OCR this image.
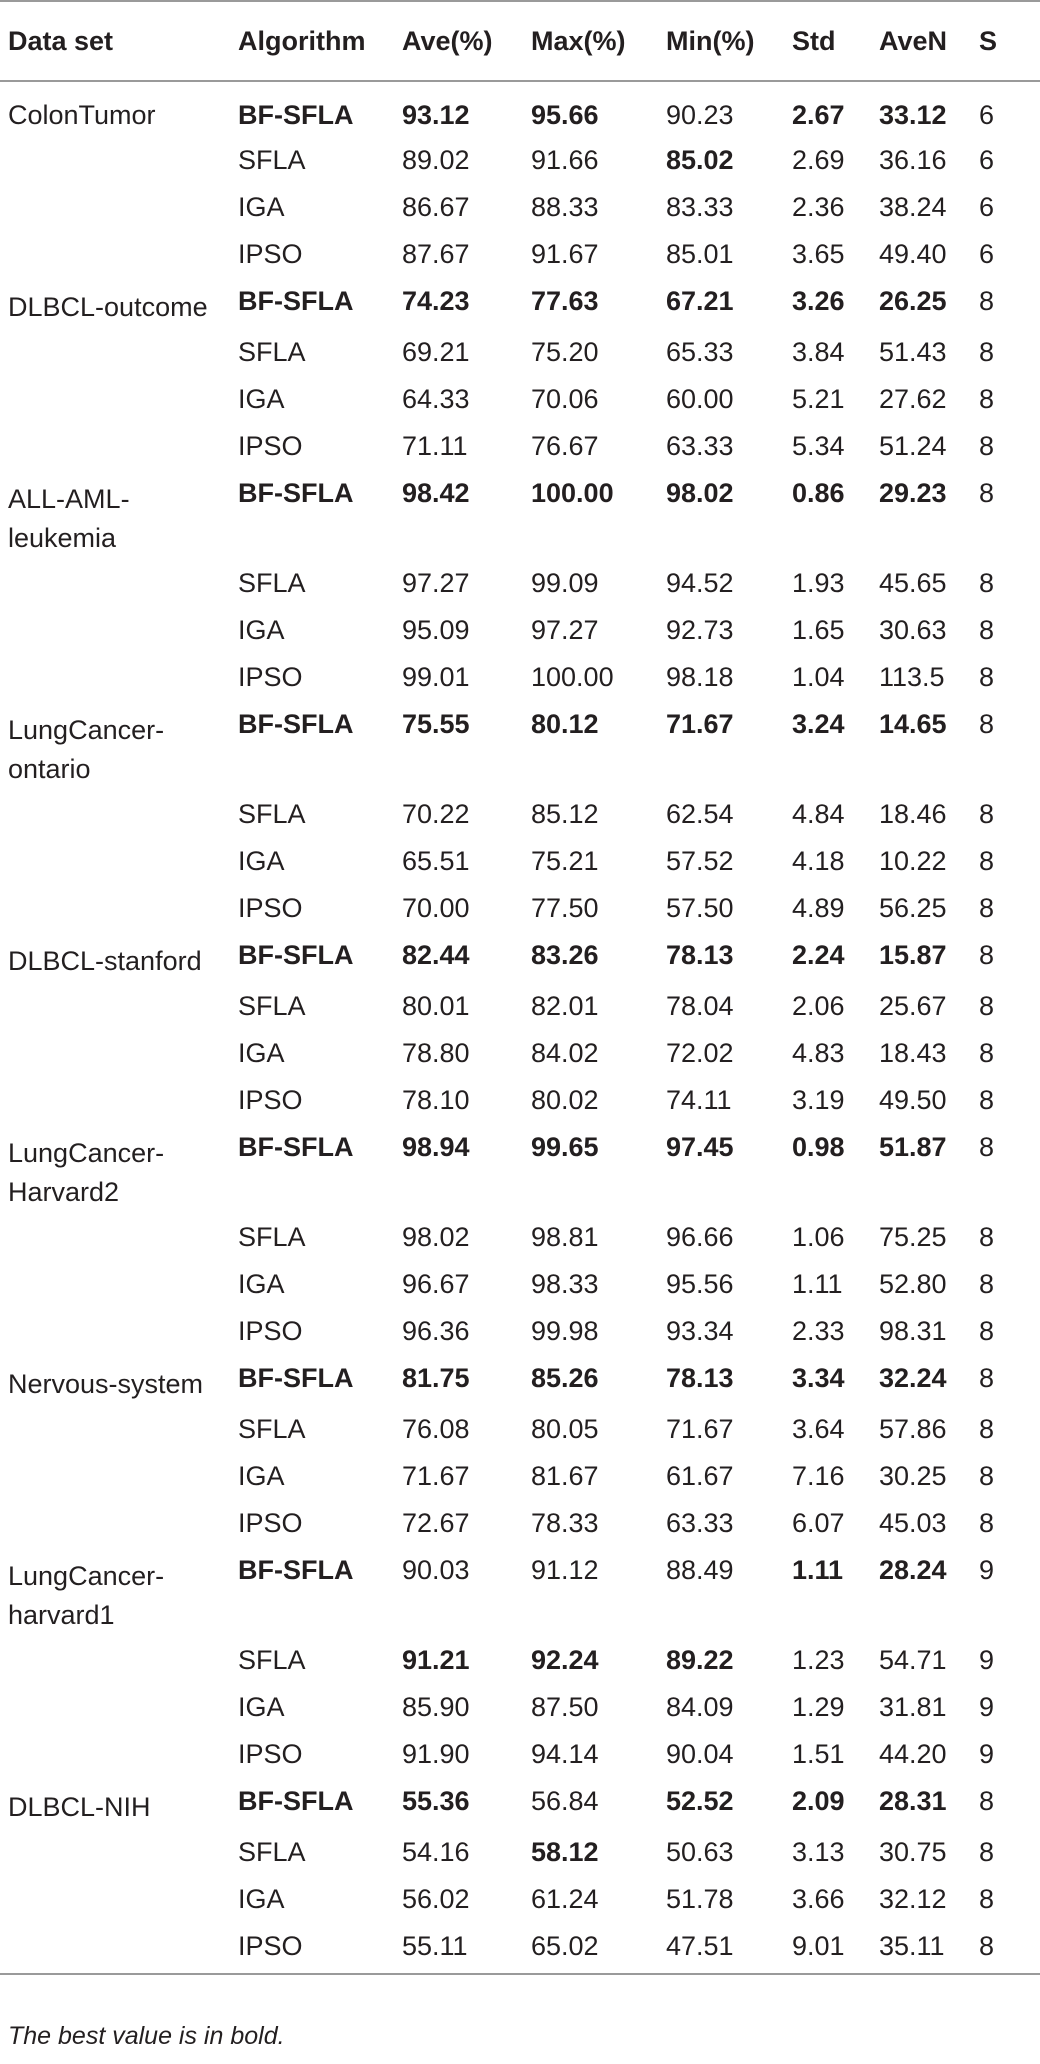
Data set	Algorithm	Ave(%)	Max(%)	Min(%)	Std	AveN	S
ColonTumor	BF-SFLA	93.12	95.66	90.23	2.67	33.12	6
	SFLA	89.02	91.66	85.02	2.69	36.16	6
	IGA	86.67	88.33	83.33	2.36	38.24	6
	IPSO	87.67	91.67	85.01	3.65	49.40	6
DLBCL-outcome	BF-SFLA	74.23	77.63	67.21	3.26	26.25	8
	SFLA	69.21	75.20	65.33	3.84	51.43	8
	IGA	64.33	70.06	60.00	5.21	27.62	8
	IPSO	71.11	76.67	63.33	5.34	51.24	8
ALL-AML-leukemia	BF-SFLA	98.42	100.00	98.02	0.86	29.23	8
	SFLA	97.27	99.09	94.52	1.93	45.65	8
	IGA	95.09	97.27	92.73	1.65	30.63	8
	IPSO	99.01	100.00	98.18	1.04	113.5	8
LungCancer-ontario	BF-SFLA	75.55	80.12	71.67	3.24	14.65	8
	SFLA	70.22	85.12	62.54	4.84	18.46	8
	IGA	65.51	75.21	57.52	4.18	10.22	8
	IPSO	70.00	77.50	57.50	4.89	56.25	8
DLBCL-stanford	BF-SFLA	82.44	83.26	78.13	2.24	15.87	8
	SFLA	80.01	82.01	78.04	2.06	25.67	8
	IGA	78.80	84.02	72.02	4.83	18.43	8
	IPSO	78.10	80.02	74.11	3.19	49.50	8
LungCancer-Harvard2	BF-SFLA	98.94	99.65	97.45	0.98	51.87	8
	SFLA	98.02	98.81	96.66	1.06	75.25	8
	IGA	96.67	98.33	95.56	1.11	52.80	8
	IPSO	96.36	99.98	93.34	2.33	98.31	8
Nervous-system	BF-SFLA	81.75	85.26	78.13	3.34	32.24	8
	SFLA	76.08	80.05	71.67	3.64	57.86	8
	IGA	71.67	81.67	61.67	7.16	30.25	8
	IPSO	72.67	78.33	63.33	6.07	45.03	8
LungCancer-harvard1	BF-SFLA	90.03	91.12	88.49	1.11	28.24	9
	SFLA	91.21	92.24	89.22	1.23	54.71	9
	IGA	85.90	87.50	84.09	1.29	31.81	9
	IPSO	91.90	94.14	90.04	1.51	44.20	9
DLBCL-NIH	BF-SFLA	55.36	56.84	52.52	2.09	28.31	8
	SFLA	54.16	58.12	50.63	3.13	30.75	8
	IGA	56.02	61.24	51.78	3.66	32.12	8
	IPSO	55.11	65.02	47.51	9.01	35.11	8
The best value is in bold.
